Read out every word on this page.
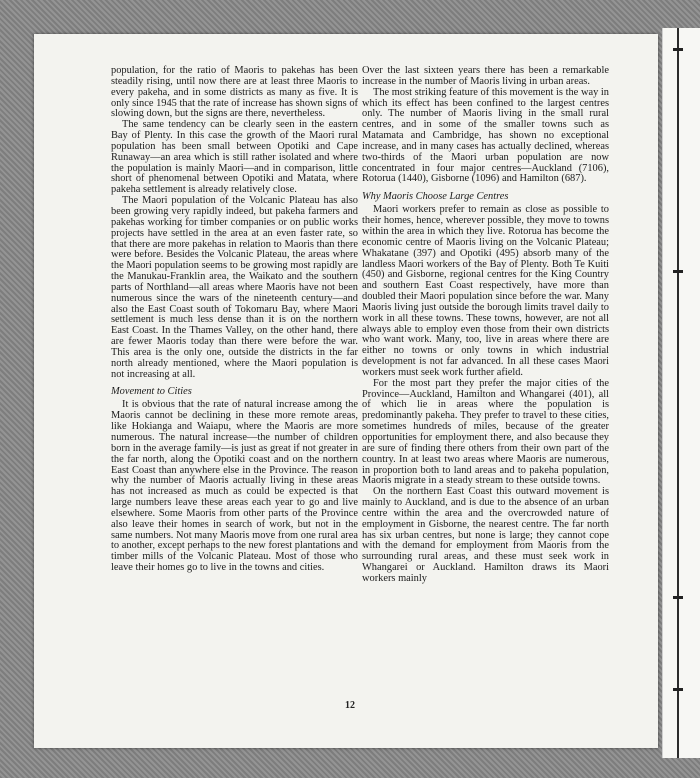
population, for the ratio of Maoris to pakehas has been steadily rising, until now there are at least three Maoris to every pakeha, and in some districts as many as five. It is only since 1945 that the rate of increase has shown signs of slowing down, but the signs are there, nevertheless.

The same tendency can be clearly seen in the eastern Bay of Plenty. In this case the growth of the Maori rural population has been small between Opotiki and Cape Runaway—an area which is still rather isolated and where the population is mainly Maori—and in comparison, little short of phenomenal between Opotiki and Matata, where pakeha settlement is already relatively close.

The Maori population of the Volcanic Plateau has also been growing very rapidly indeed, but pakeha farmers and pakehas working for timber companies or on public works projects have settled in the area at an even faster rate, so that there are more pakehas in relation to Maoris than there were before. Besides the Volcanic Plateau, the areas where the Maori population seems to be growing most rapidly are the Manukau-Franklin area, the Waikato and the southern parts of Northland—all areas where Maoris have not been numerous since the wars of the nineteenth century—and also the East Coast south of Tokomaru Bay, where Maori settlement is much less dense than it is on the northern East Coast. In the Thames Valley, on the other hand, there are fewer Maoris today than there were before the war. This area is the only one, outside the districts in the far north already mentioned, where the Maori population is not increasing at all.

Movement to Cities

It is obvious that the rate of natural increase among the Maoris cannot be declining in these more remote areas, like Hokianga and Waiapu, where the Maoris are more numerous. The natural increase—the number of children born in the average family—is just as great if not greater in the far north, along the Opotiki coast and on the northern East Coast than anywhere else in the Province. The reason why the number of Maoris actually living in these areas has not increased as much as could be expected is that large numbers leave these areas each year to go and live elsewhere. Some Maoris from other parts of the Province also leave their homes in search of work, but not in the same numbers. Not many Maoris move from one rural area to another, except perhaps to the new forest plantations and timber mills of the Volcanic Plateau. Most of those who leave their homes go to live in the towns and cities.

Over the last sixteen years there has been a remarkable increase in the number of Maoris living in urban areas.

The most striking feature of this movement is the way in which its effect has been confined to the largest centres only. The number of Maoris living in the small rural centres, and in some of the smaller towns such as Matamata and Cambridge, has shown no exceptional increase, and in many cases has actually declined, whereas two-thirds of the Maori urban population are now concentrated in four major centres—Auckland (7106), Rotorua (1440), Gisborne (1096) and Hamilton (687).

Why Maoris Choose Large Centres

Maori workers prefer to remain as close as possible to their homes, hence, wherever possible, they move to towns within the area in which they live. Rotorua has become the economic centre of Maoris living on the Volcanic Plateau; Whakatane (397) and Opotiki (495) absorb many of the landless Maori workers of the Bay of Plenty. Both Te Kuiti (450) and Gisborne, regional centres for the King Country and southern East Coast respectively, have more than doubled their Maori population since before the war. Many Maoris living just outside the borough limits travel daily to work in all these towns. These towns, however, are not all always able to employ even those from their own districts who want work. Many, too, live in areas where there are either no towns or only towns in which industrial development is not far advanced. In all these cases Maori workers must seek work further afield.

For the most part they prefer the major cities of the Province—Auckland, Hamilton and Whangarei (401), all of which lie in areas where the population is predominantly pakeha. They prefer to travel to these cities, sometimes hundreds of miles, because of the greater opportunities for employment there, and also because they are sure of finding there others from their own part of the country. In at least two areas where Maoris are numerous, in proportion both to land areas and to pakeha population, Maoris migrate in a steady stream to these outside towns.

On the northern East Coast this outward movement is mainly to Auckland, and is due to the absence of an urban centre within the area and the overcrowded nature of employment in Gisborne, the nearest centre. The far north has six urban centres, but none is large; they cannot cope with the demand for employment from Maoris from the surrounding rural areas, and these must seek work in Whangarei or Auckland. Hamilton draws its Maori workers mainly

12
